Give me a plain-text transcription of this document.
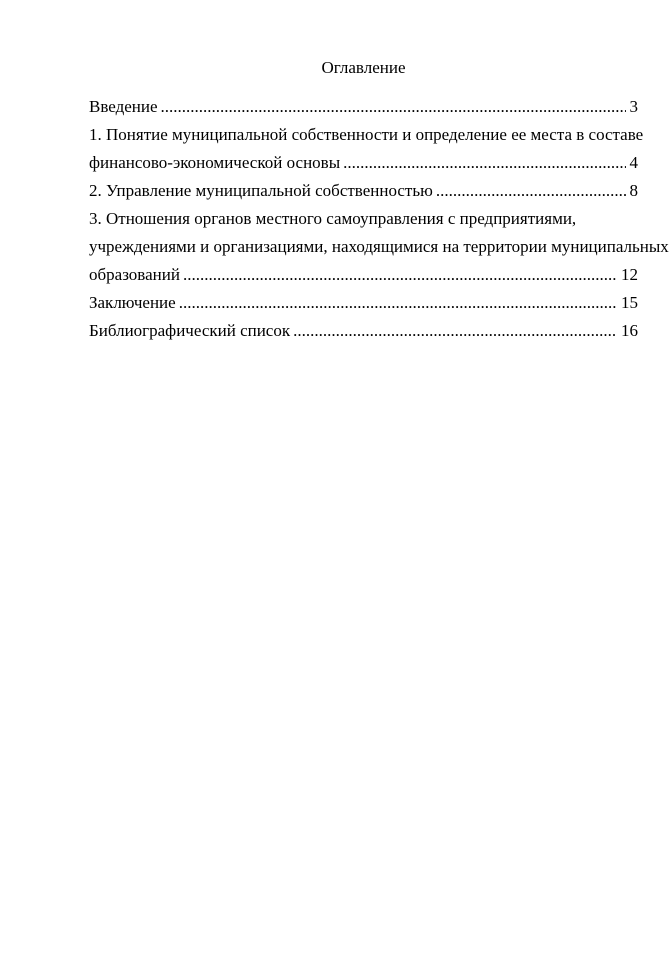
Оглавление
Введение .....	3
1. Понятие муниципальной собственности и определение ее места в составе
финансово-экономической основы .....	4
2. Управление муниципальной собственностью .....	8
3. Отношения органов местного самоуправления с предприятиями,
учреждениями и организациями, находящимися на территории муниципальных
образований .....	12
Заключение .....	15
Библиографический список .....	16
